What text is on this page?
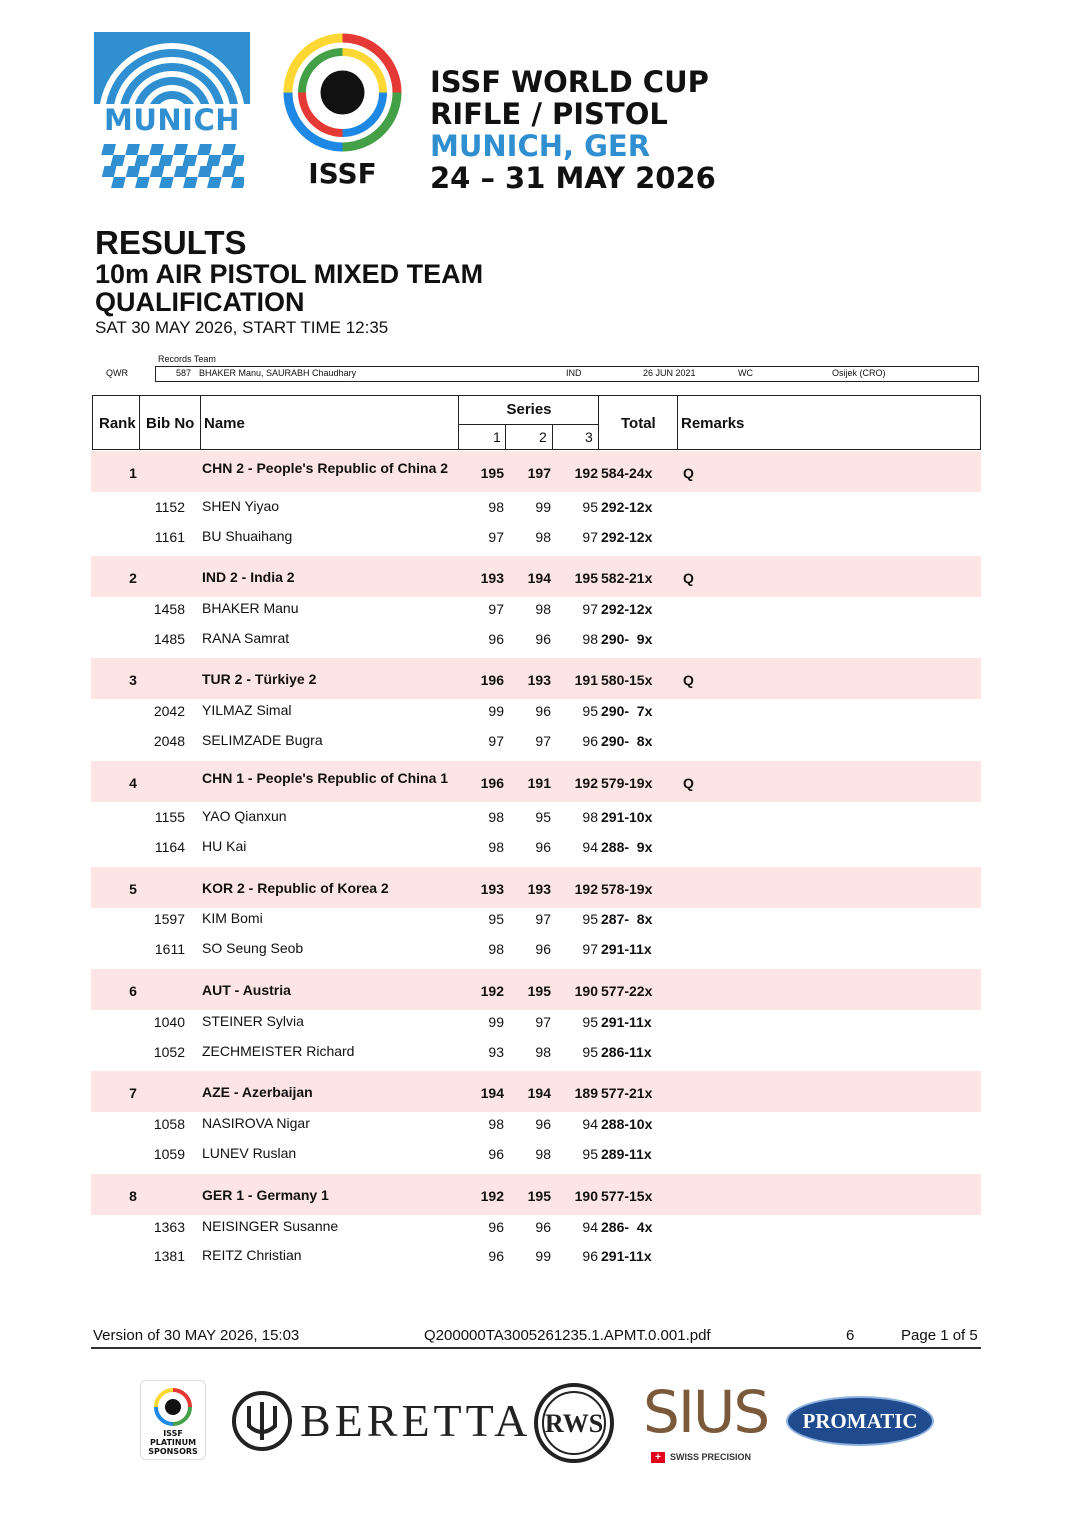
MUNICH
ISSF
ISSF WORLD CUP
RIFLE / PISTOL
MUNICH, GER
24 – 31 MAY 2026
RESULTS
10m AIR PISTOL MIXED TEAM
QUALIFICATION
SAT 30 MAY 2026, START TIME 12:35
Records Team
QWR	587 BHAKER Manu, SAURABH Chaudhary	IND	26 JUN 2021	WC	Osijek (CRO)
Rank Bib No Name
Series
1	2	3
Total Remarks
1	CHN 2 - People's Republic of China 2	195	197	192 584-24x	Q
1152 SHEN Yiyao	98	99	95 292-12x
1161 BU Shuaihang	97	98	97 292-12x
2	IND 2 - India 2	193	194	195 582-21x	Q
1458 BHAKER Manu	97	98	97 292-12x
1485 RANA Samrat	96	96	98 290-  9x
3	TUR 2 - Türkiye 2	196	193	191 580-15x	Q
2042 YILMAZ Simal	99	96	95 290-  7x
2048 SELIMZADE Bugra	97	97	96 290-  8x
4	CHN 1 - People's Republic of China 1	196	191	192 579-19x	Q
1155 YAO Qianxun	98	95	98 291-10x
1164 HU Kai	98	96	94 288-  9x
5	KOR 2 - Republic of Korea 2	193	193	192 578-19x
1597 KIM Bomi	95	97	95 287-  8x
1611 SO Seung Seob	98	96	97 291-11x
6	AUT - Austria	192	195	190 577-22x
1040 STEINER Sylvia	99	97	95 291-11x
1052 ZECHMEISTER Richard	93	98	95 286-11x
7	AZE - Azerbaijan	194	194	189 577-21x
1058 NASIROVA Nigar	98	96	94 288-10x
1059 LUNEV Ruslan	96	98	95 289-11x
8	GER 1 - Germany 1	192	195	190 577-15x
1363 NEISINGER Susanne	96	96	94 286-  4x
1381 REITZ Christian	96	99	96 291-11x
Version of 30 MAY 2026, 15:03	Q200000TA3005261235.1.APMT.0.001.pdf	6	Page 1 of 5
ISSF
PLATINUM
SPONSORS
BERETTA RWS SIUS
+	SWISS PRECISION
PROMATIC
